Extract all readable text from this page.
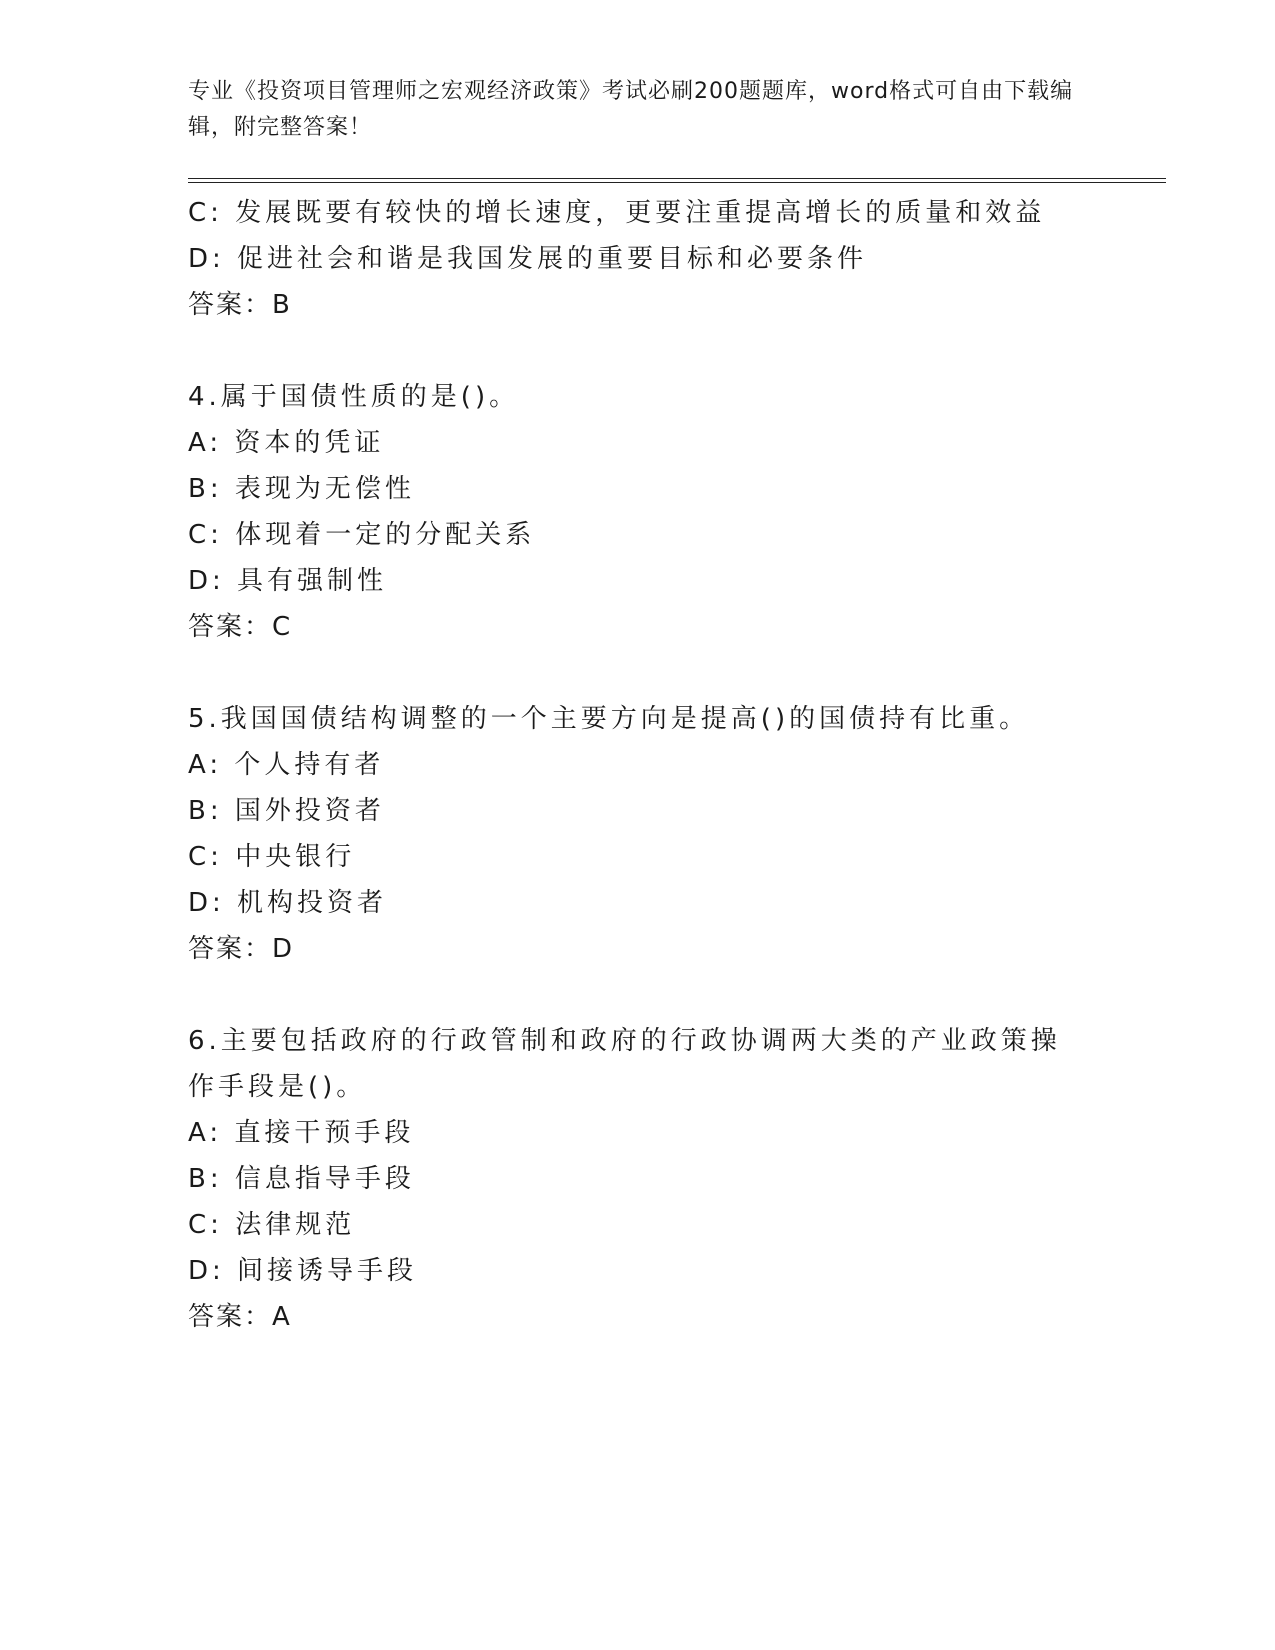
专业《投资项目管理师之宏观经济政策》考试必刷200题题库，word格式可自由下载编辑，附完整答案！
C: 发展既要有较快的增长速度，更要注重提高增长的质量和效益
D: 促进社会和谐是我国发展的重要目标和必要条件
答案：B
4.属于国债性质的是()。
A: 资本的凭证
B: 表现为无偿性
C: 体现着一定的分配关系
D: 具有强制性
答案：C
5.我国国债结构调整的一个主要方向是提高()的国债持有比重。
A: 个人持有者
B: 国外投资者
C: 中央银行
D: 机构投资者
答案：D
6.主要包括政府的行政管制和政府的行政协调两大类的产业政策操作手段是()。
A: 直接干预手段
B: 信息指导手段
C: 法律规范
D: 间接诱导手段
答案：A
